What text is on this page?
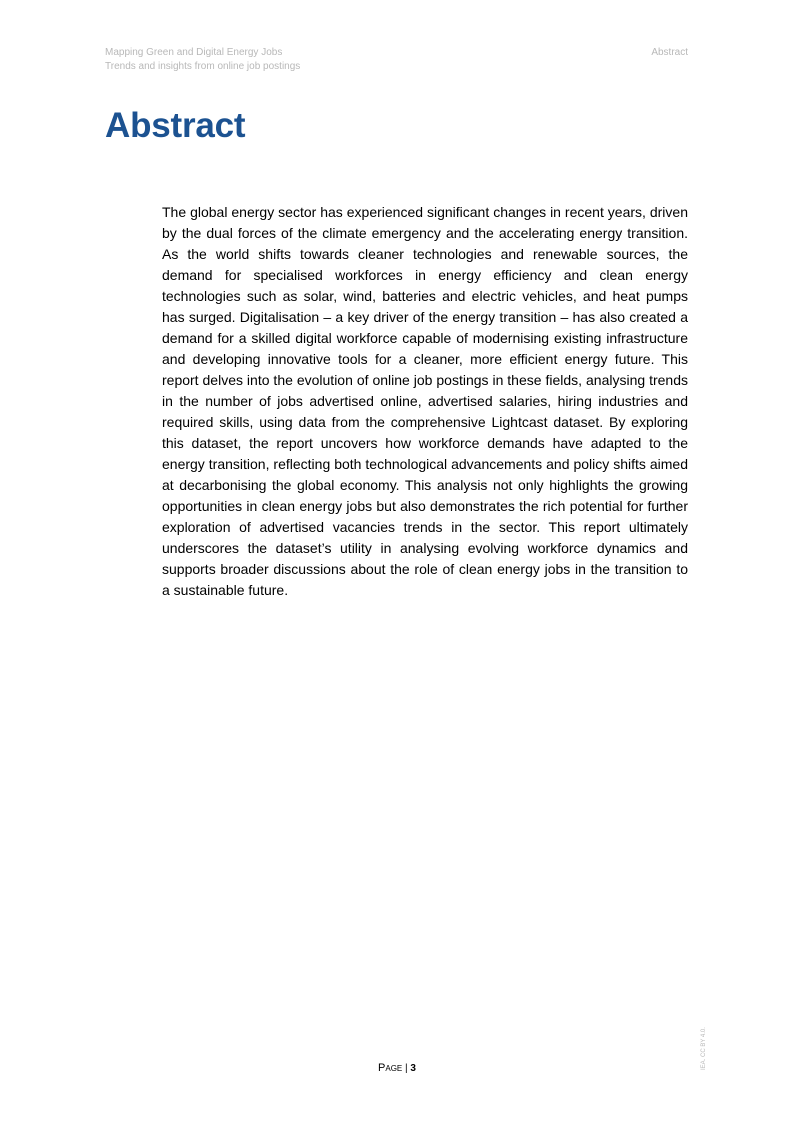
Mapping Green and Digital Energy Jobs
Trends and insights from online job postings
Abstract
Abstract

The global energy sector has experienced significant changes in recent years, driven by the dual forces of the climate emergency and the accelerating energy transition. As the world shifts towards cleaner technologies and renewable sources, the demand for specialised workforces in energy efficiency and clean energy technologies such as solar, wind, batteries and electric vehicles, and heat pumps has surged. Digitalisation – a key driver of the energy transition – has also created a demand for a skilled digital workforce capable of modernising existing infrastructure and developing innovative tools for a cleaner, more efficient energy future. This report delves into the evolution of online job postings in these fields, analysing trends in the number of jobs advertised online, advertised salaries, hiring industries and required skills, using data from the comprehensive Lightcast dataset. By exploring this dataset, the report uncovers how workforce demands have adapted to the energy transition, reflecting both technological advancements and policy shifts aimed at decarbonising the global economy. This analysis not only highlights the growing opportunities in clean energy jobs but also demonstrates the rich potential for further exploration of advertised vacancies trends in the sector. This report ultimately underscores the dataset’s utility in analysing evolving workforce dynamics and supports broader discussions about the role of clean energy jobs in the transition to a sustainable future.

Page | 3	IEA. CC BY 4.0.
